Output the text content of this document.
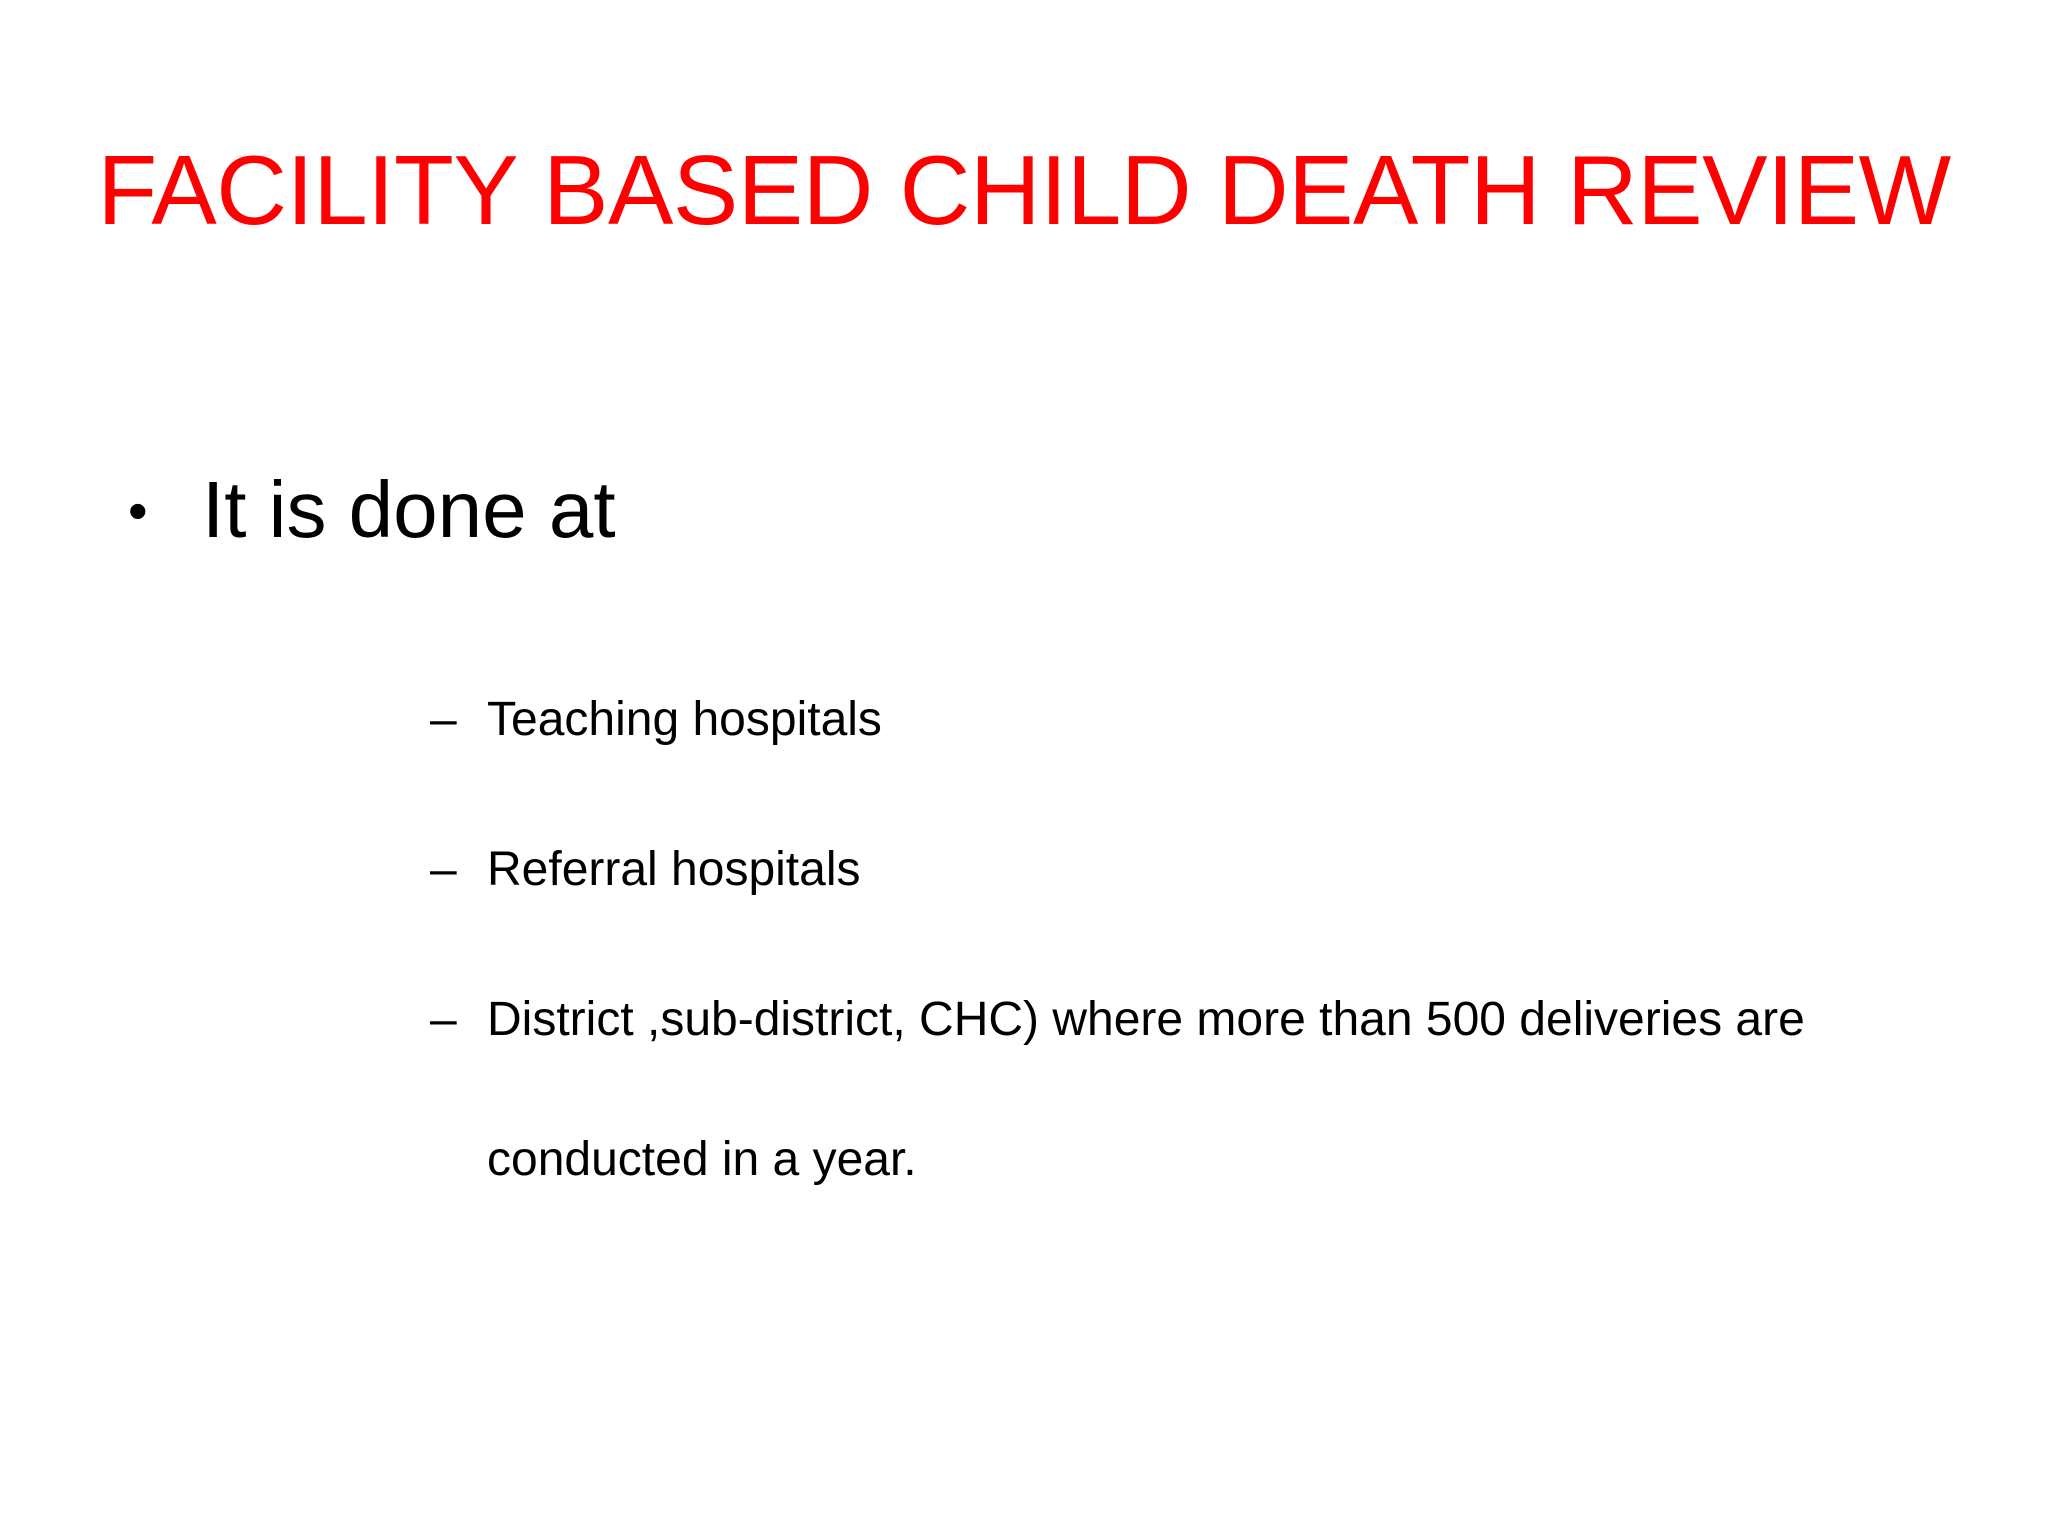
FACILITY BASED CHILD DEATH REVIEW
• It is done at
– Teaching hospitals
– Referral hospitals
– District ,sub-district, CHC) where more than 500 deliveries are conducted in a year.
